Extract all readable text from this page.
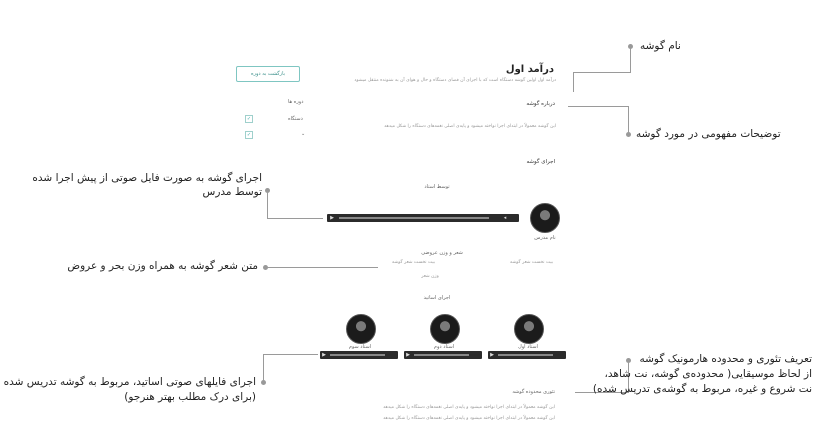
بازگشت به دوره
دوره ها
دستگاه
✓
✓	⌄
درآمد اول
درآمد اول اولین گوشه دستگاه است که با اجرای آن فضای دستگاه و حال و هوای آن به شنونده منتقل میشود
درباره گوشه
این گوشه معمولاً در ابتدای اجرا نواخته میشود و پایه‌ی اصلی نغمه‌های دستگاه را شکل میدهد
اجرای گوشه
توسط استاد
▶	◂
نام مدرس
شعر و وزن عروضی
بیت نخست شعر گوشه	بیت نخست شعر گوشه
وزن شعر
اجرای اساتید
استاد سوم
▶
استاد دوم
▶
استاد اول
▶
تئوری محدوده گوشه
این گوشه معمولاً در ابتدای اجرا نواخته میشود و پایه‌ی اصلی نغمه‌های دستگاه را شکل میدهد
این گوشه معمولاً در ابتدای اجرا نواخته میشود و پایه‌ی اصلی نغمه‌های دستگاه را شکل میدهد
نام گوشه
توضیحات مفهومی در مورد گوشه
اجرای گوشه به صورت فایل صوتی از پیش اجرا شده
توسط مدرس
متن شعر گوشه به همراه وزن بحر و عروض
اجرای فایلهای صوتی اساتید، مربوط به گوشه تدریس شده
(برای درک مطلب بهتر هنرجو)
تعریف تئوری و محدوده هارمونیک گوشه
از لحاظ موسیقایی( محدوده‌ی گوشه، نت شاهد،
نت شروع و غیره، مربوط به گوشه‌ی تدریس شده)
